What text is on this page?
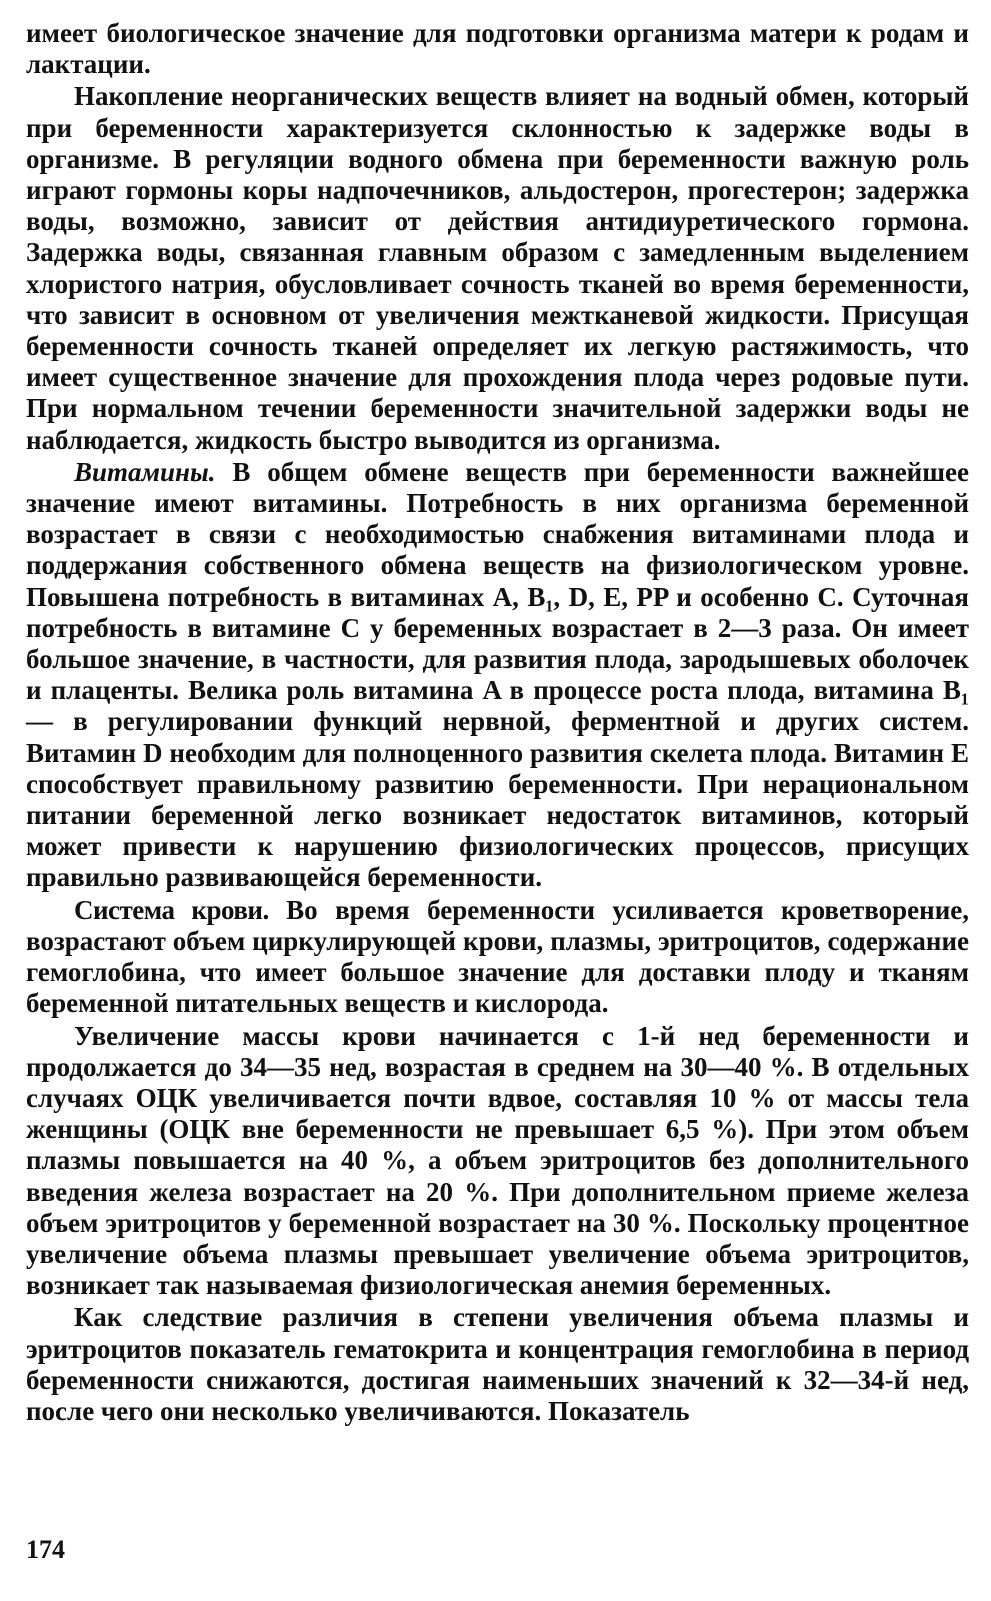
имеет биологическое значение для подготовки организма матери к родам и лактации.

Накопление неорганических веществ влияет на водный обмен, который при беременности характеризуется склонностью к задержке воды в организме. В регуляции водного обмена при беременности важную роль играют гормоны коры надпочечников, альдостерон, прогестерон; задержка воды, возможно, зависит от действия антидиуретического гормона. Задержка воды, связанная главным образом с замедленным выделением хлористого натрия, обусловливает сочность тканей во время беременности, что зависит в основном от увеличения межтканевой жидкости. Присущая беременности сочность тканей определяет их легкую растяжимость, что имеет существенное значение для прохождения плода через родовые пути. При нормальном течении беременности значительной задержки воды не наблюдается, жидкость быстро выводится из организма.

Витамины. В общем обмене веществ при беременности важнейшее значение имеют витамины. Потребность в них организма беременной возрастает в связи с необходимостью снабжения витаминами плода и поддержания собственного обмена веществ на физиологическом уровне. Повышена потребность в витаминах A, B₁, D, E, PP и особенно C. Суточная потребность в витамине C у беременных возрастает в 2—3 раза. Он имеет большое значение, в частности, для развития плода, зародышевых оболочек и плаценты. Велика роль витамина A в процессе роста плода, витамина B₁ — в регулировании функций нервной, ферментной и других систем. Витамин D необходим для полноценного развития скелета плода. Витамин E способствует правильному развитию беременности. При нерациональном питании беременной легко возникает недостаток витаминов, который может привести к нарушению физиологических процессов, присущих правильно развивающейся беременности.

Система крови. Во время беременности усиливается кроветворение, возрастают объем циркулирующей крови, плазмы, эритроцитов, содержание гемоглобина, что имеет большое значение для доставки плоду и тканям беременной питательных веществ и кислорода.

Увеличение массы крови начинается с 1-й нед беременности и продолжается до 34—35 нед, возрастая в среднем на 30—40 %. В отдельных случаях ОЦК увеличивается почти вдвое, составляя 10 % от массы тела женщины (ОЦК вне беременности не превышает 6,5 %). При этом объем плазмы повышается на 40 %, а объем эритроцитов без дополнительного введения железа возрастает на 20 %. При дополнительном приеме железа объем эритроцитов у беременной возрастает на 30 %. Поскольку процентное увеличение объема плазмы превышает увеличение объема эритроцитов, возникает так называемая физиологическая анемия беременных.

Как следствие различия в степени увеличения объема плазмы и эритроцитов показатель гематокрита и концентрация гемоглобина в период беременности снижаются, достигая наименьших значений к 32—34-й нед, после чего они несколько увеличиваются. Показатель

174
